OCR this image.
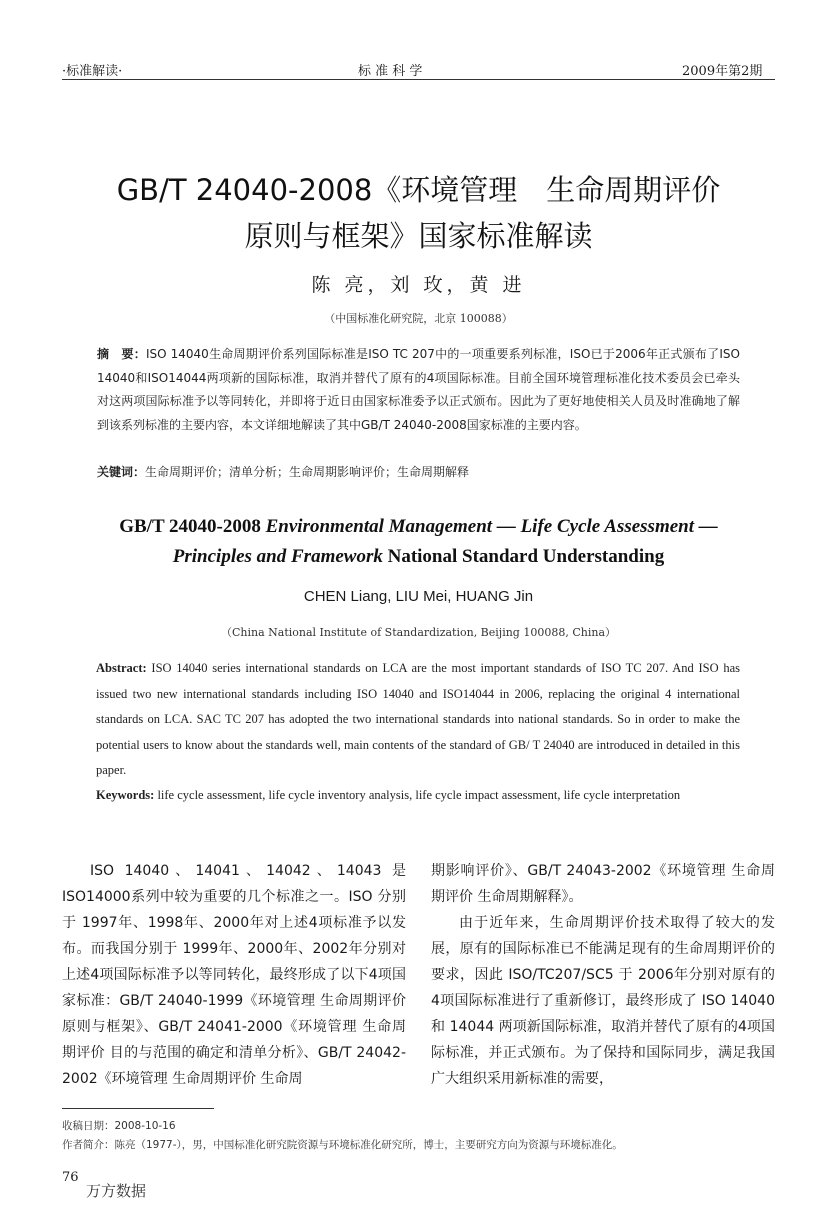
·标准解读·	标 准 科 学	2009年第2期
GB/T 24040-2008《环境管理　生命周期评价
原则与框架》国家标准解读
陈 亮，刘 玫，黄 进
（中国标准化研究院，北京 100088）
摘　要：ISO 14040生命周期评价系列国际标准是ISO TC 207中的一项重要系列标准，ISO已于2006年正式颁布了ISO 14040和ISO14044两项新的国际标准，取消并替代了原有的4项国际标准。目前全国环境管理标准化技术委员会已牵头对这两项国际标准予以等同转化，并即将于近日由国家标准委予以正式颁布。因此为了更好地使相关人员及时准确地了解到该系列标准的主要内容，本文详细地解读了其中GB/T 24040-2008国家标准的主要内容。
关键词：生命周期评价；清单分析；生命周期影响评价；生命周期解释
GB/T 24040-2008 Environmental Management — Life Cycle Assessment —
Principles and Framework National Standard Understanding
CHEN Liang, LIU Mei, HUANG Jin
（China National Institute of Standardization, Beijing 100088, China）
Abstract: ISO 14040 series international standards on LCA are the most important standards of ISO TC 207. And ISO has issued two new international standards including ISO 14040 and ISO14044 in 2006, replacing the original 4 international standards on LCA. SAC TC 207 has adopted the two international standards into national standards. So in order to make the potential users to know about the standards well, main contents of the standard of GB/ T 24040 are introduced in detailed in this paper.
Keywords: life cycle assessment, life cycle inventory analysis, life cycle impact assessment, life cycle interpretation

ISO 14040、14041、14042、14043 是 ISO14000系列中较为重要的几个标准之一。ISO 分别于 1997年、1998年、2000年对上述4项标准予以发布。而我国分别于 1999年、2000年、2002年分别对上述4项国际标准予以等同转化，最终形成了以下4项国家标准：GB/T 24040-1999《环境管理 生命周期评价 原则与框架》、GB/T 24041-2000《环境管理 生命周期评价 目的与范围的确定和清单分析》、GB/T 24042-2002《环境管理 生命周期评价 生命周

期影响评价》、GB/T 24043-2002《环境管理 生命周期评价 生命周期解释》。

由于近年来，生命周期评价技术取得了较大的发展，原有的国际标准已不能满足现有的生命周期评价的要求，因此 ISO/TC207/SC5 于 2006年分别对原有的4项国际标准进行了重新修订，最终形成了 ISO 14040 和 14044 两项新国际标准，取消并替代了原有的4项国际标准，并正式颁布。为了保持和国际同步，满足我国广大组织采用新标准的需要，

收稿日期：2008-10-16
作者简介：陈亮（1977-），男，中国标准化研究院资源与环境标准化研究所，博士，主要研究方向为资源与环境标准化。
76
万方数据
